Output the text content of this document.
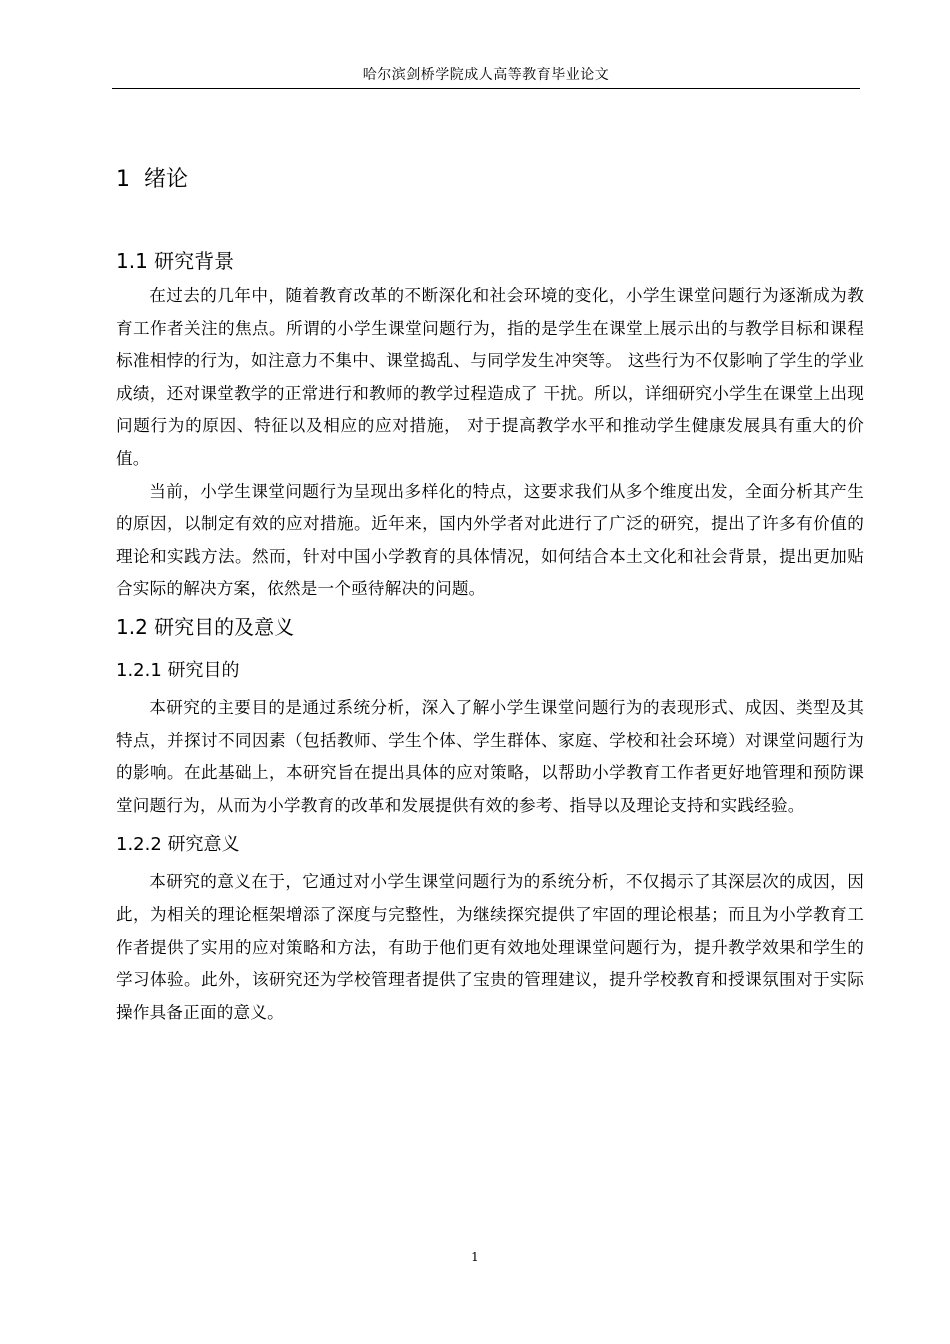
哈尔滨剑桥学院成人高等教育毕业论文
1 绪论
1.1 研究背景

在过去的几年中，随着教育改革的不断深化和社会环境的变化，小学生课堂问题行为逐渐成为教育工作者关注的焦点。所谓的小学生课堂问题行为，指的是学生在课堂上展示出的与教学目标和课程标准相悖的行为，如注意力不集中、课堂捣乱、与同学发生冲突等。 这些行为不仅影响了学生的学业成绩，还对课堂教学的正常进行和教师的教学过程造成了 干扰。所以，详细研究小学生在课堂上出现问题行为的原因、特征以及相应的应对措施， 对于提高教学水平和推动学生健康发展具有重大的价值。

当前，小学生课堂问题行为呈现出多样化的特点，这要求我们从多个维度出发，全面分析其产生的原因，以制定有效的应对措施。近年来，国内外学者对此进行了广泛的研究，提出了许多有价值的理论和实践方法。然而，针对中国小学教育的具体情况，如何结合本土文化和社会背景，提出更加贴合实际的解决方案，依然是一个亟待解决的问题。

1.2 研究目的及意义
1.2.1 研究目的

本研究的主要目的是通过系统分析，深入了解小学生课堂问题行为的表现形式、成因、类型及其特点，并探讨不同因素（包括教师、学生个体、学生群体、家庭、学校和社会环境）对课堂问题行为的影响。在此基础上，本研究旨在提出具体的应对策略，以帮助小学教育工作者更好地管理和预防课堂问题行为，从而为小学教育的改革和发展提供有效的参考、指导以及理论支持和实践经验。

1.2.2 研究意义

本研究的意义在于，它通过对小学生课堂问题行为的系统分析，不仅揭示了其深层次的成因，因此，为相关的理论框架增添了深度与完整性，为继续探究提供了牢固的理论根基；而且为小学教育工作者提供了实用的应对策略和方法，有助于他们更有效地处理课堂问题行为，提升教学效果和学生的学习体验。此外，该研究还为学校管理者提供了宝贵的管理建议，提升学校教育和授课氛围对于实际操作具备正面的意义。

1
